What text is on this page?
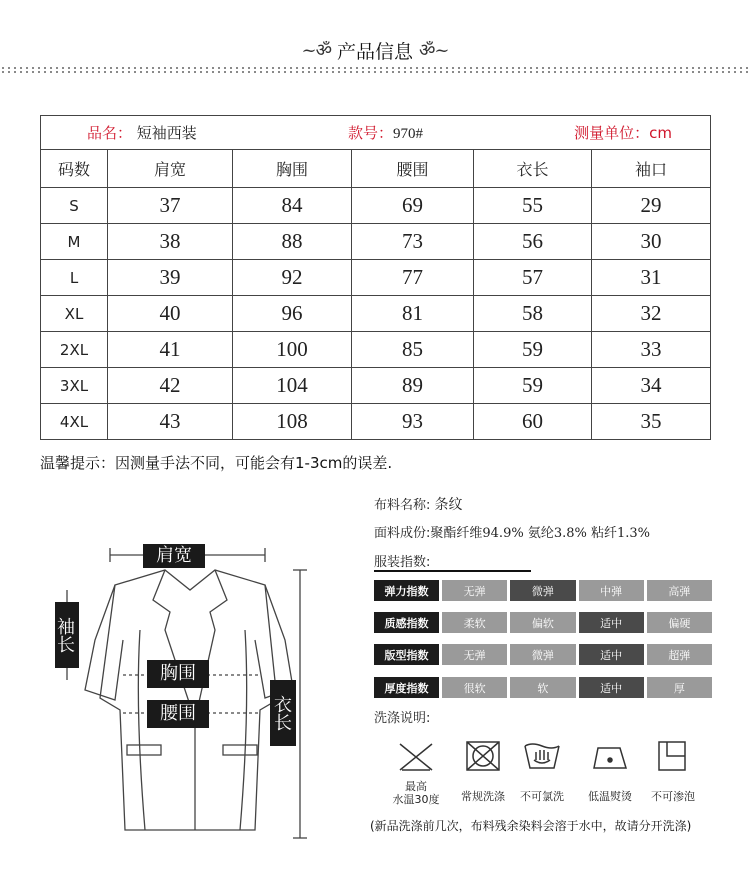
~ॐ 产品信息 ॐ~
品名： 短袖西装 款号：970# 测量单位：cm					

码数	肩宽	胸围	腰围	衣长	袖口
S	37	84	69	55	29
M	38	88	73	56	30
L	39	92	77	57	31
XL	40	96	81	58	32
2XL	41	100	85	59	33
3XL	42	104	89	59	34
4XL	43	108	93	60	35
温馨提示：因测量手法不同，可能会有1-3cm的误差.
肩宽
袖长
胸围
腰围	衣长
布料名称: 条纹
面料成份:聚酯纤维94.9% 氨纶3.8% 粘纤1.3%
服装指数:
弹力指数	无弹	微弹	中弹	高弹
质感指数	柔软	偏软	适中	偏硬
版型指数	无弹	微弹	适中	超弹
厚度指数	很软	软	适中	厚
洗涤说明:
最高
水温30度	常规洗涤	不可氯洗	低温熨烫	不可渗泡
(新品洗涤前几次，布料残余染料会溶于水中，故请分开洗涤)
